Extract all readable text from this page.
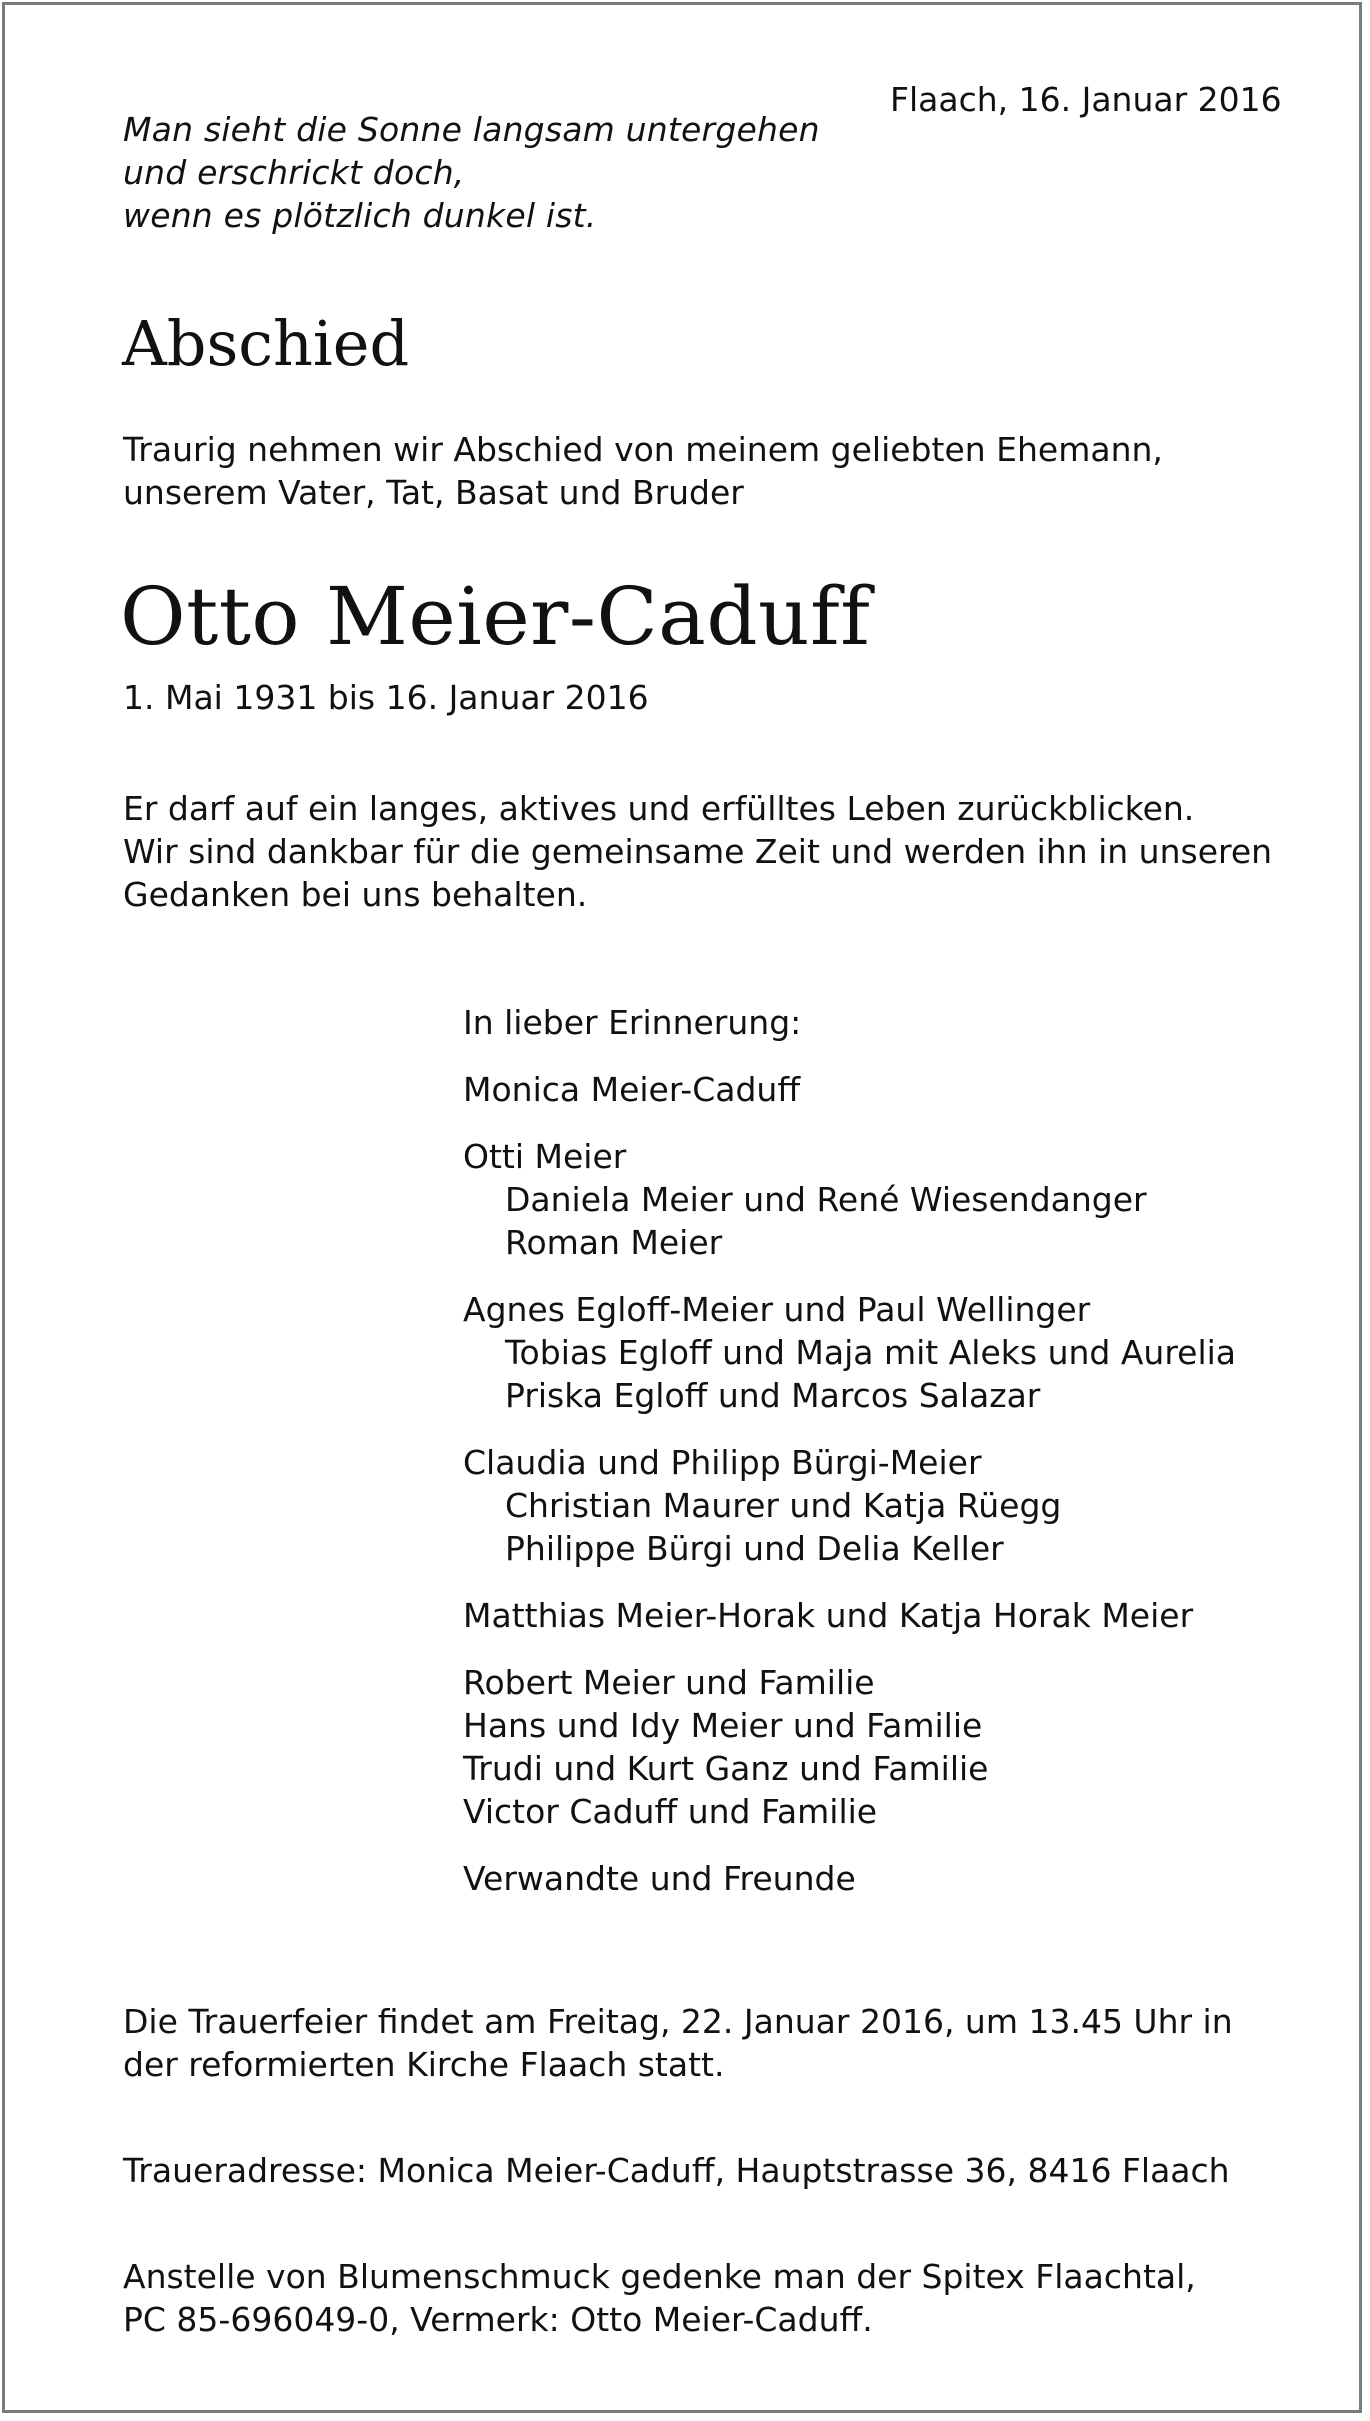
Man sieht die Sonne langsam untergehen
und erschrickt doch,
wenn es plötzlich dunkel ist.
Flaach, 16. Januar 2016
Abschied
Traurig nehmen wir Abschied von meinem geliebten Ehemann,
unserem Vater, Tat, Basat und Bruder
Otto Meier-Caduff
1. Mai 1931 bis 16. Januar 2016
Er darf auf ein langes, aktives und erfülltes Leben zurückblicken.
Wir sind dankbar für die gemeinsame Zeit und werden ihn in unseren
Gedanken bei uns behalten.
In lieber Erinnerung:
Monica Meier-Caduff
Otti Meier
Daniela Meier und René Wiesendanger
Roman Meier
Agnes Egloff-Meier und Paul Wellinger
Tobias Egloff und Maja mit Aleks und Aurelia
Priska Egloff und Marcos Salazar
Claudia und Philipp Bürgi-Meier
Christian Maurer und Katja Rüegg
Philippe Bürgi und Delia Keller
Matthias Meier-Horak und Katja Horak Meier
Robert Meier und Familie
Hans und Idy Meier und Familie
Trudi und Kurt Ganz und Familie
Victor Caduff und Familie
Verwandte und Freunde
Die Trauerfeier findet am Freitag, 22. Januar 2016, um 13.45 Uhr in
der reformierten Kirche Flaach statt.
Traueradresse: Monica Meier-Caduff, Hauptstrasse 36, 8416 Flaach
Anstelle von Blumenschmuck gedenke man der Spitex Flaachtal,
PC 85-696049-0, Vermerk: Otto Meier-Caduff.
